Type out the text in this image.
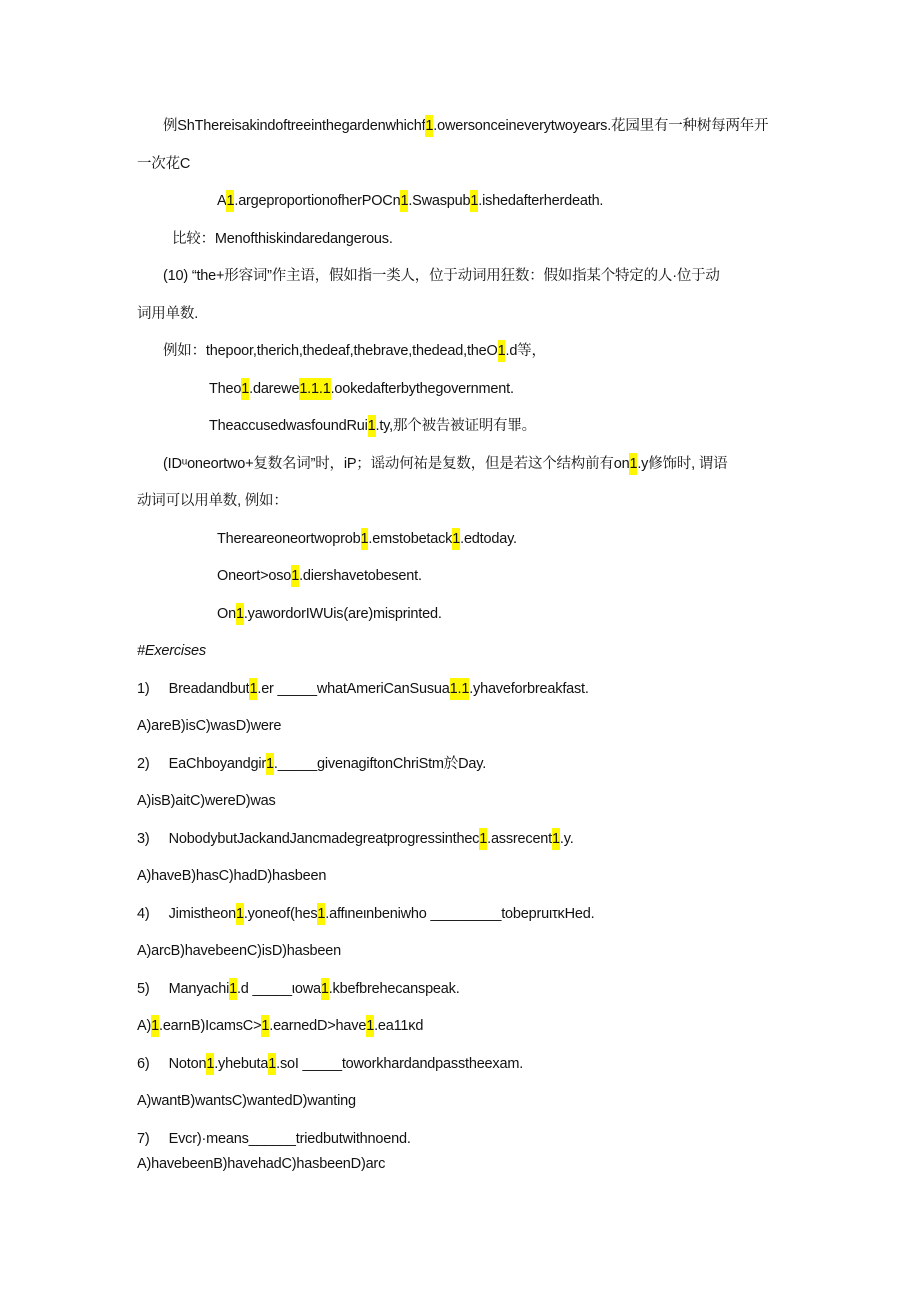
例ShThereisakindoftreeinthegardenwhichf1.owersonceineverytwoyears.花园里有一种树每两年开
一次花C
A1.argeproportionofherPOCn1.Swaspub1.ishedafterherdeath.
比较：Menofthiskindaredangerous.
(10) “the+形容词”作主语，假如指一类人，位于动词用狂数：假如指某个特定的人·位于动
词用单数.
例如：thepoor,therich,thedeaf,thebrave,thedead,theO1.d等，
Theo1.darewe1.1.1.ookedafterbythegovernment.
TheaccusedwasfoundRui1.ty,那个被告被证明有罪。
(IDᵘoneortwo+复数名词”时，iP；谣动何祐是复数，但是若这个结构前有on1.y修饰时, 谓语
动词可以用单数, 例如：
Thereareoneortwoprob1.emstobetack1.edtoday.
Oneort>oso1.diershavetobesent.
On1.yawordorIWUis(are)misprinted.
#Exercises
1)     Breadandbut1.er _____whatAmeriCanSusua1.1.yhaveforbreakfast.
A)areB)isC)wasD)were
2)     EaChboyandgir1._____givenagiftonChriStm於Day.
A)isB)aitC)wereD)was
3)     NobodybutJackandJancmadegreatprogressinthec1.assrecent1.y.
A)haveB)hasC)hadD)hasbeen
4)     Jimistheon1.yoneof(hes1.affιneιnbeniwho _________tobepruιτκHed.
A)arcB)havebeenC)isD)hasbeen
5)     Manyachi1.d _____ιowa1.kbefbrehecanspeak.
A)1.earnB)IcamsC>1.earnedD>have1.ea11κd
6)     Noton1.yhebuta1.soI _____toworkhardandpasstheexam.
A)wantB)wantsC)wantedD)wanting
7)     Evcr)·means______triedbutwithnoend.
A)havebeenB)havehadC)hasbeenD)arc
